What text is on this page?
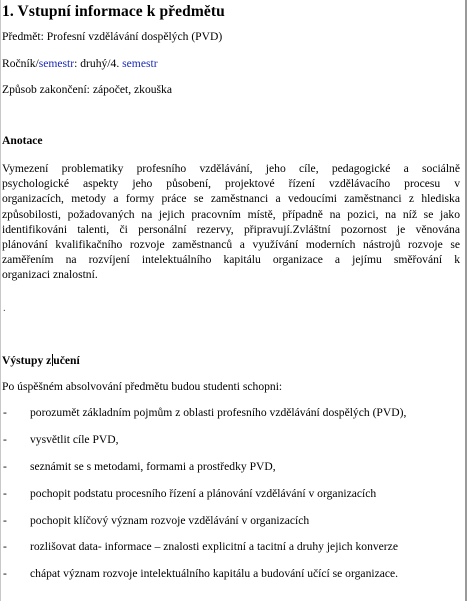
1. Vstupní informace k předmětu
Předmět: Profesní vzdělávání dospělých (PVD)
Ročník/semestr: druhý/4. semestr
Způsob zakončení: zápočet, zkouška
Anotace
Vymezení problematiky profesního vzdělávání, jeho cíle, pedagogické a sociálně
psychologické aspekty jeho působení, projektové řízení vzdělávacího procesu v
organizacích, metody a formy práce se zaměstnanci a vedoucími zaměstnanci z hlediska
způsobilosti, požadovaných na jejich pracovním místě, případně na pozici, na níž se jako
identifikováni talenti, či personální rezervy, připravují.Zvláštní pozornost je věnována
plánování kvalifikačního rozvoje zaměstnanců a využívání moderních nástrojů rozvoje se
zaměřením na rozvíjení intelektuálního kapitálu organizace a jejímu směřování k
organizaci znalostní.
.
Výstupy z učení
Po úspěšném absolvování předmětu budou studenti schopni:
- porozumět základním pojmům z oblasti profesního vzdělávání dospělých (PVD),
- vysvětlit cíle PVD,
- seznámit se s metodami, formami a prostředky PVD,
- pochopit podstatu procesního řízení a plánování vzdělávání v organizacích
- pochopit klíčový význam rozvoje vzdělávání v organizacích
- rozlišovat data- informace – znalosti explicitní a tacitní a druhy jejich konverze
- chápat význam rozvoje intelektuálního kapitálu a budování učící se organizace.
